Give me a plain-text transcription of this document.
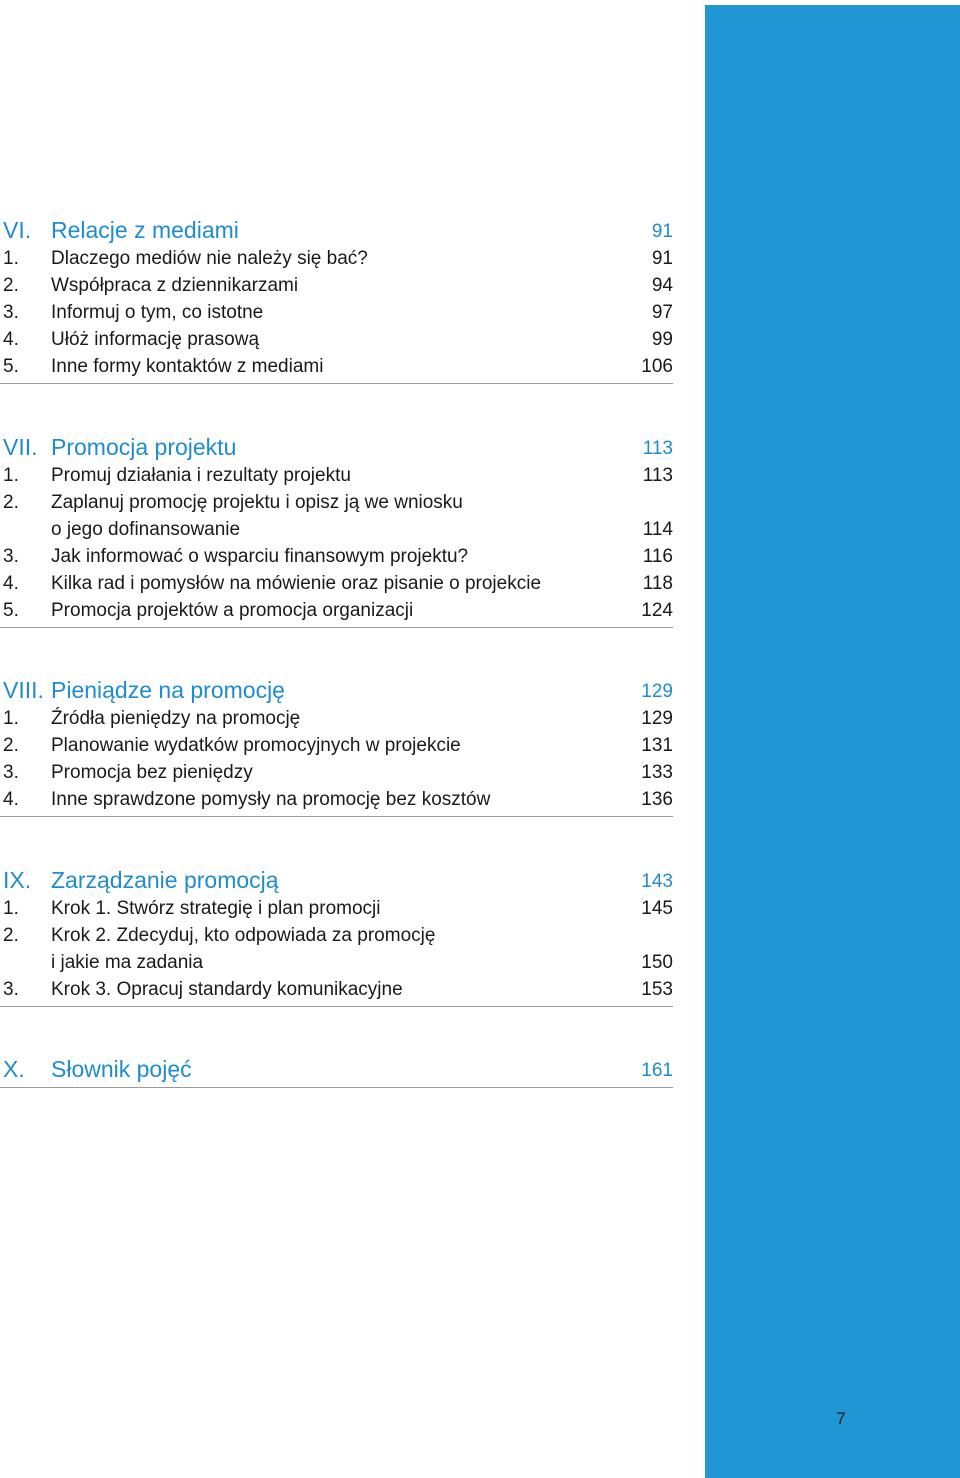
7
VI. Relacje z mediami	91
1. Dlaczego mediów nie należy się bać?	91
2. Współpraca z dziennikarzami	94
3. Informuj o tym, co istotne	97
4. Ułóż informację prasową	99
5. Inne formy kontaktów z mediami	106
VII. Promocja projektu	113
1. Promuj działania i rezultaty projektu	113
2. Zaplanuj promocję projektu i opisz ją we wniosku
o jego dofinansowanie	114
3. Jak informować o wsparciu finansowym projektu?	116
4. Kilka rad i pomysłów na mówienie oraz pisanie o projekcie	118
5. Promocja projektów a promocja organizacji	124
VIII. Pieniądze na promocję	129
1. Źródła pieniędzy na promocję	129
2. Planowanie wydatków promocyjnych w projekcie	131
3. Promocja bez pieniędzy	133
4. Inne sprawdzone pomysły na promocję bez kosztów	136
IX. Zarządzanie promocją	143
1. Krok 1. Stwórz strategię i plan promocji	145
2. Krok 2. Zdecyduj, kto odpowiada za promocję
i jakie ma zadania	150
3. Krok 3. Opracuj standardy komunikacyjne	153
X. Słownik pojęć	161
